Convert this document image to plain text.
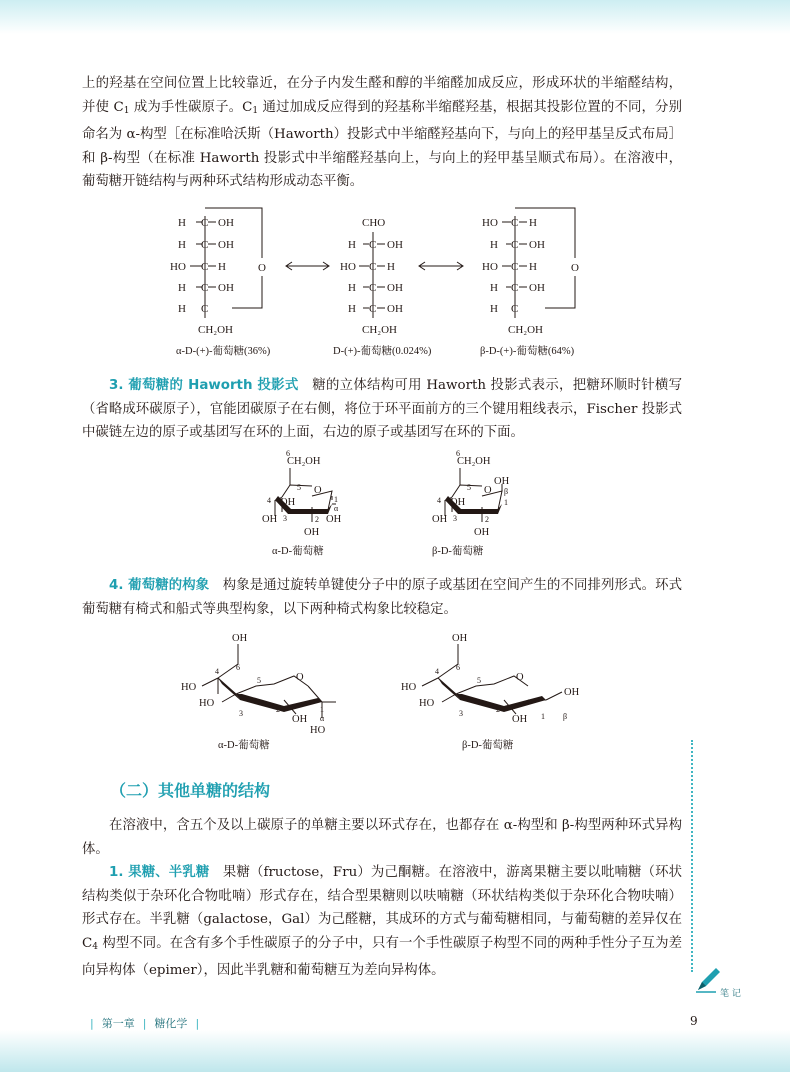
上的羟基在空间位置上比较靠近，在分子内发生醛和醇的半缩醛加成反应，形成环状的半缩醛结构，并使 $C_1$ 成为手性碳原子。$C_1$ 通过加成反应得到的羟基称半缩醛羟基，根据其投影位置的不同，分别命名为 α-构型［在标准哈沃斯（Haworth）投影式中半缩醛羟基向下，与向上的羟甲基呈反式布局］和 β-构型（在标准 Haworth 投影式中半缩醛羟基向上，与向上的羟甲基呈顺式布局）。在溶液中，葡萄糖开链结构与两种环式结构形成动态平衡。

H C OH
H C OH
HO C H
H C OH
H C
CH₂OH
O
CHO
H C OH
HO C H
H C OH
H C OH
CH₂OH
HO C H
H C OH
HO C H
H C OH
H C
CH₂OH
O
α-D-(+)-葡萄糖(36%)	D-(+)-葡萄糖(0.024%)	β-D-(+)-葡萄糖(64%)

3. 葡萄糖的 Haworth 投影式　糖的立体结构可用 Haworth 投影式表示，把糖环顺时针横写（省略成环碳原子），官能团碳原子在右侧，将位于环平面前方的三个键用粗线表示，Fischer 投影式中碳链左边的原子或基团写在环的上面，右边的原子或基团写在环的下面。

CH₂OH
6
5 O
4 OH	1
α
OH 3	2 OH
OH
CH₂OH
6
5 O
4 OH
OH
β
1
OH 3	2
OH
α-D-葡萄糖	β-D-葡萄糖

4. 葡萄糖的构象　构象是通过旋转单键使分子中的原子或基团在空间产生的不同排列形式。环式葡萄糖有椅式和船式等典型构象，以下两种椅式构象比较稳定。

OH
6
4
HO
5	O
HO
3	2
OH
1
α
HO
OH
6
4
HO
5	O
HO
3	2
OH 1
OH
β
α-D-葡萄糖	β-D-葡萄糖
（二）其他单糖的结构

在溶液中，含五个及以上碳原子的单糖主要以环式存在，也都存在 α-构型和 β-构型两种环式异构体。

1. 果糖、半乳糖　果糖（fructose，Fru）为己酮糖。在溶液中，游离果糖主要以吡喃糖（环状结构类似于杂环化合物吡喃）形式存在，结合型果糖则以呋喃糖（环状结构类似于杂环化合物呋喃）形式存在。半乳糖（galactose，Gal）为己醛糖，其成环的方式与葡萄糖相同，与葡萄糖的差异仅在 $C_4$ 构型不同。在含有多个手性碳原子的分子中，只有一个手性碳原子构型不同的两种手性分子互为差向异构体（epimer），因此半乳糖和葡萄糖互为差向异构体。

笔 记
| 第一章 | 糖化学 |	9
